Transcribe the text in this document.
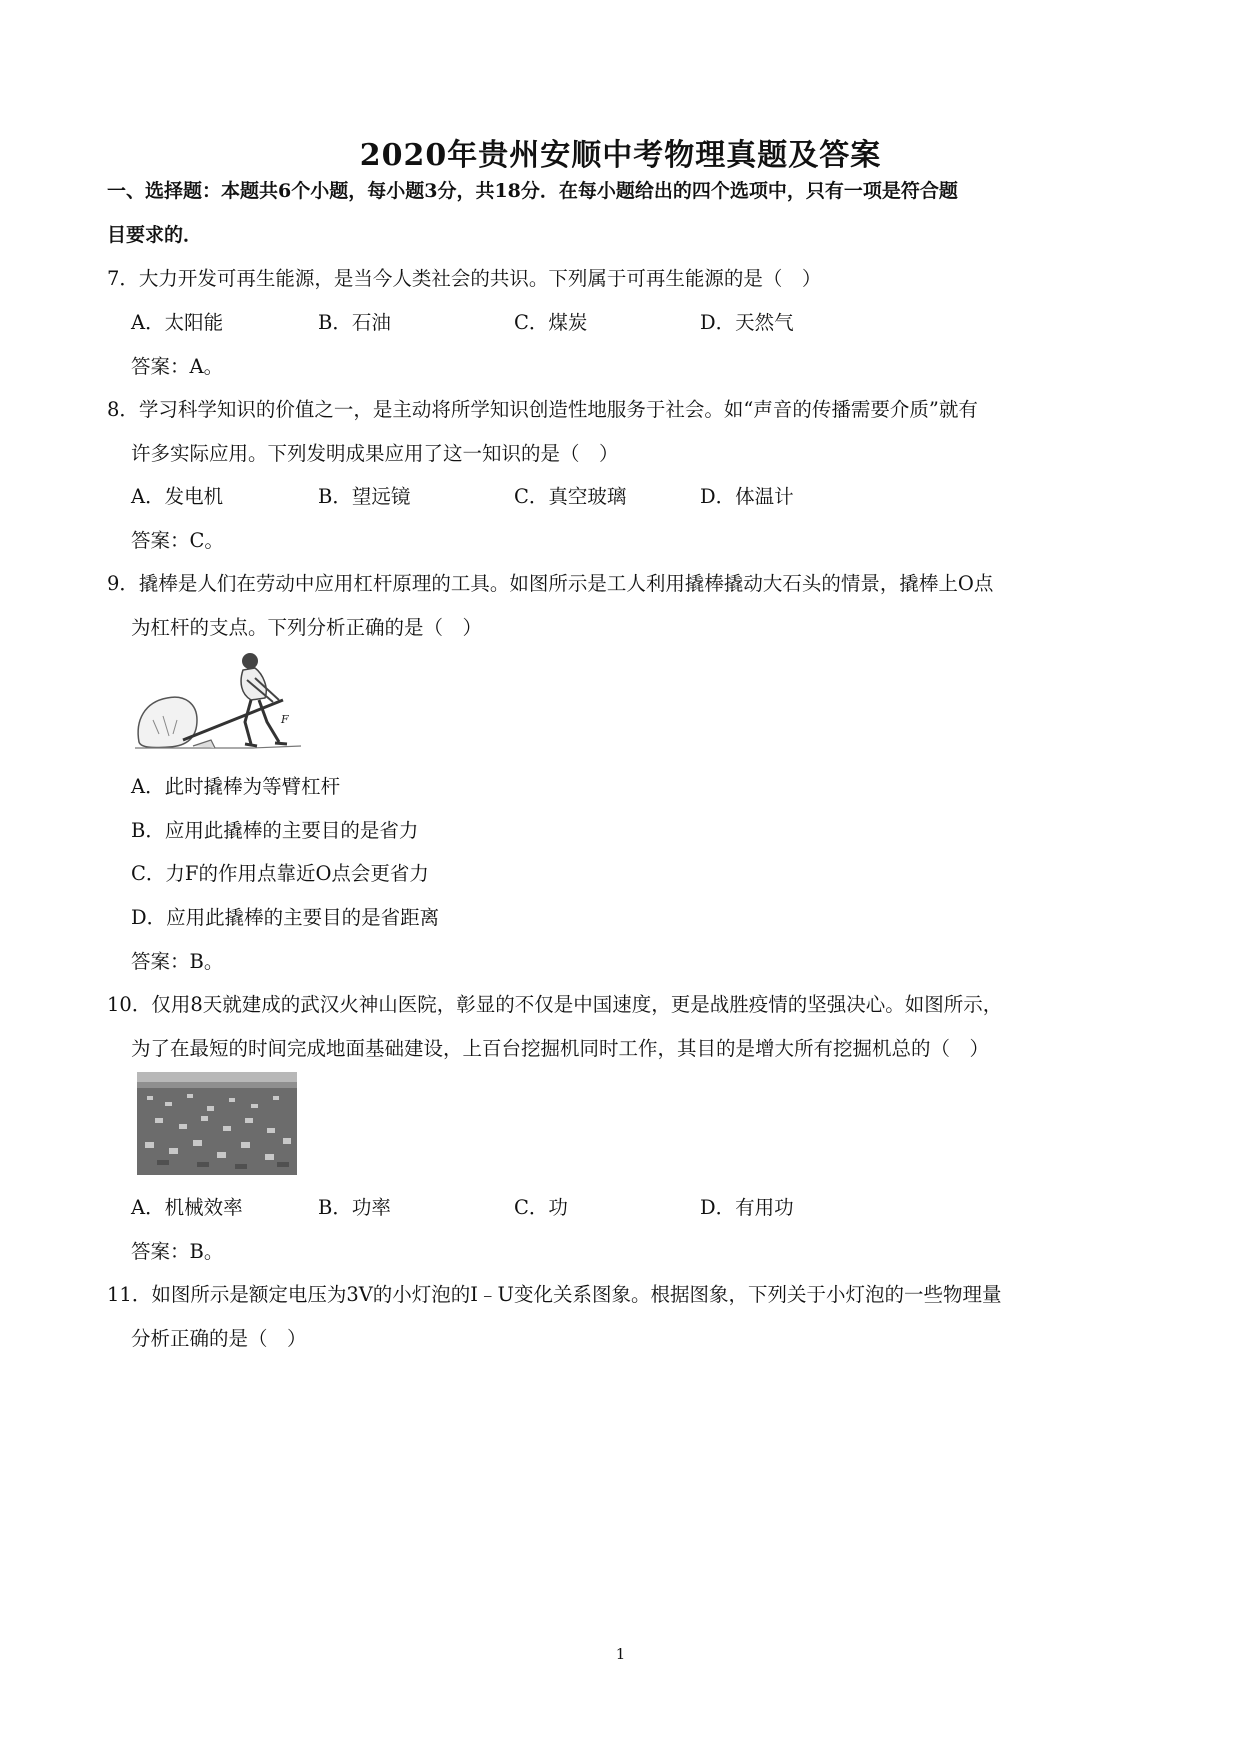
2020年贵州安顺中考物理真题及答案
一、选择题：本题共6个小题，每小题3分，共18分．在每小题给出的四个选项中，只有一项是符合题
目要求的．
7．大力开发可再生能源，是当今人类社会的共识。下列属于可再生能源的是（　）
A．太阳能	B．石油	C．煤炭	D．天然气
答案：A。
8．学习科学知识的价值之一，是主动将所学知识创造性地服务于社会。如“声音的传播需要介质”就有
许多实际应用。下列发明成果应用了这一知识的是（　）
A．发电机	B．望远镜	C．真空玻璃	D．体温计
答案：C。
9．撬棒是人们在劳动中应用杠杆原理的工具。如图所示是工人利用撬棒撬动大石头的情景，撬棒上O点
为杠杆的支点。下列分析正确的是（　）
F
A．此时撬棒为等臂杠杆
B．应用此撬棒的主要目的是省力
C．力F的作用点靠近O点会更省力
D．应用此撬棒的主要目的是省距离
答案：B。
10．仅用8天就建成的武汉火神山医院，彰显的不仅是中国速度，更是战胜疫情的坚强决心。如图所示，
为了在最短的时间完成地面基础建设，上百台挖掘机同时工作，其目的是增大所有挖掘机总的（　）
A．机械效率	B．功率	C．功	D．有用功
答案：B。
11．如图所示是额定电压为3V的小灯泡的I﹣U变化关系图象。根据图象，下列关于小灯泡的一些物理量
分析正确的是（　）
1
